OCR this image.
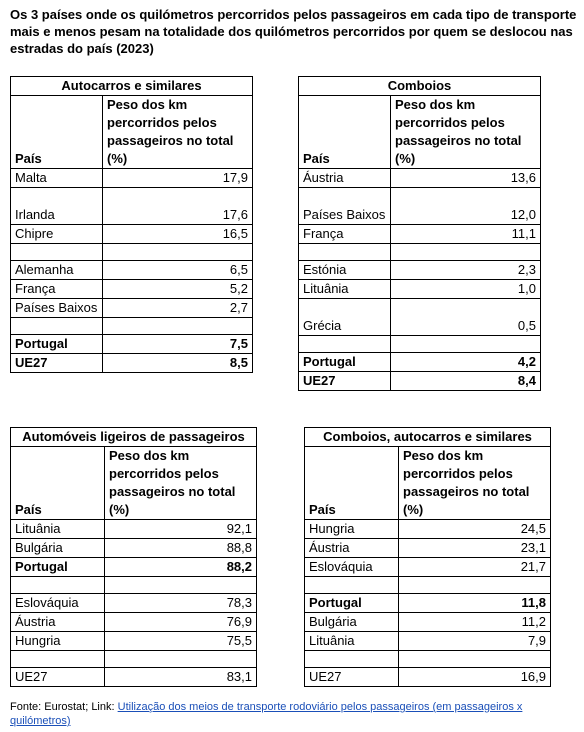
Os 3 países onde os quilómetros percorridos pelos passageiros em cada tipo de transporte mais e menos pesam na totalidade dos quilómetros percorridos por quem se deslocou nas estradas do país (2023)
Autocarros e similares	
País	Peso dos km percorridos pelos passageiros no total (%)
Malta	17,9
Irlanda	17,6
Chipre	16,5

Alemanha	6,5
França	5,2
Países Baixos	2,7

Portugal	7,5
UE27	8,5
Comboios	
País	Peso dos km percorridos pelos passageiros no total (%)
Áustria	13,6
Países Baixos	12,0
França	11,1

Estónia	2,3
Lituânia	1,0
Grécia	0,5

Portugal	4,2
UE27	8,4
Automóveis ligeiros de passageiros	
País	Peso dos km percorridos pelos passageiros no total (%)
Lituânia	92,1
Bulgária	88,8
Portugal	88,2

Eslováquia	78,3
Áustria	76,9
Hungria	75,5

UE27	83,1
Comboios, autocarros e similares	
País	Peso dos km percorridos pelos passageiros no total (%)
Hungria	24,5
Áustria	23,1
Eslováquia	21,7

Portugal	11,8
Bulgária	11,2
Lituânia	7,9

UE27	16,9
Fonte: Eurostat; Link: Utilização dos meios de transporte rodoviário pelos passageiros (em passageiros x quilómetros)
